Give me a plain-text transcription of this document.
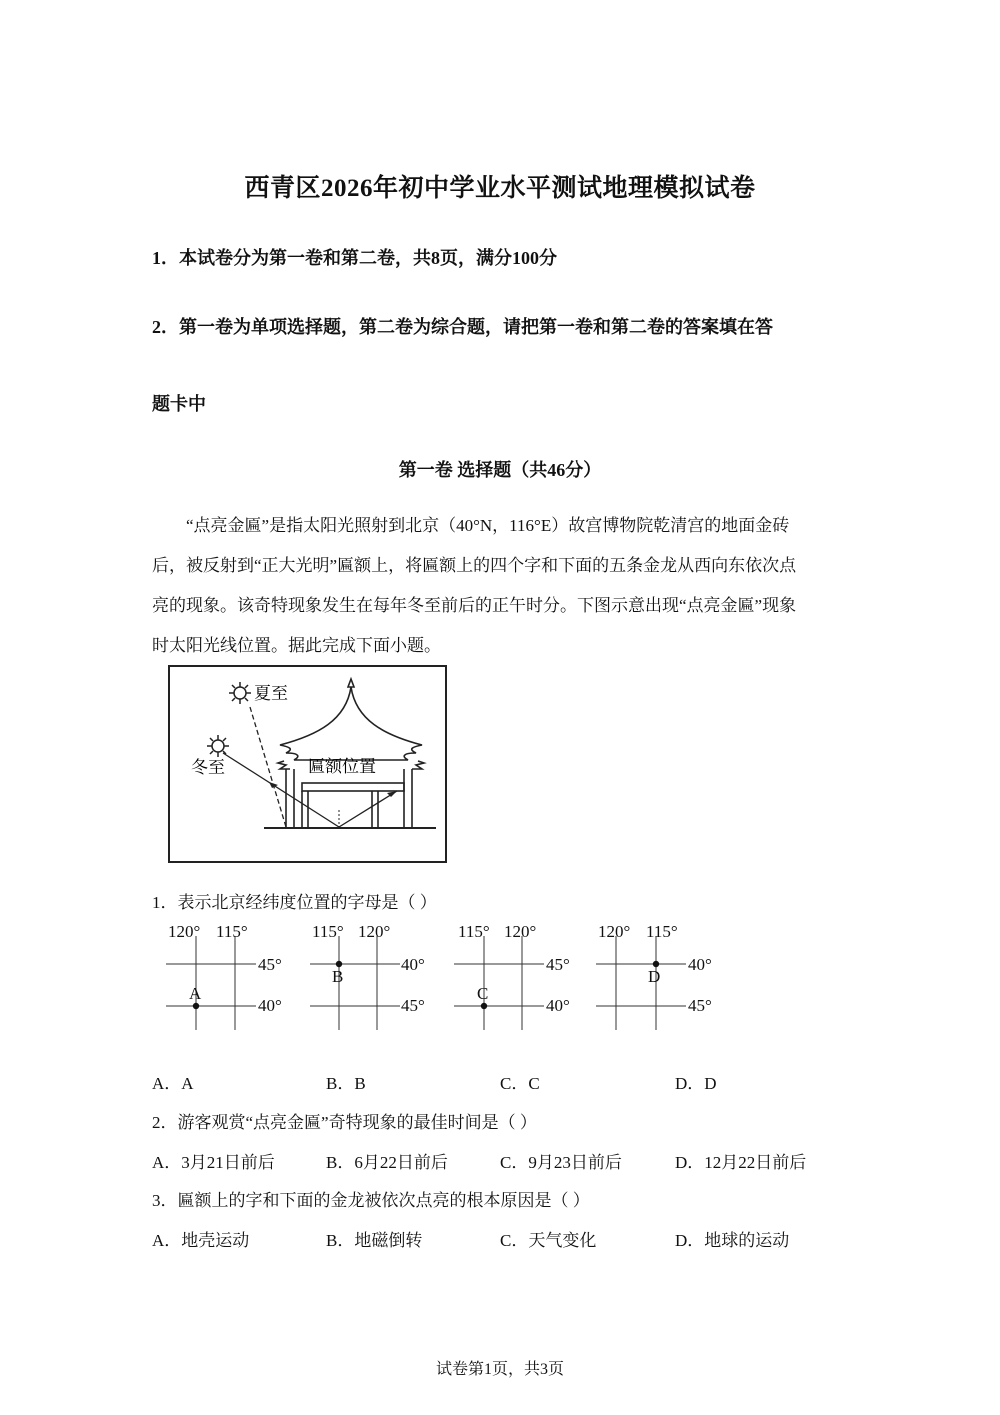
西青区2026年初中学业水平测试地理模拟试卷
1．本试卷分为第一卷和第二卷，共8页，满分100分
2．第一卷为单项选择题，第二卷为综合题，请把第一卷和第二卷的答案填在答
题卡中
第一卷 选择题（共46分）
“点亮金匾”是指太阳光照射到北京（40°N，116°E）故宫博物院乾清宫的地面金砖
后，被反射到“正大光明”匾额上，将匾额上的四个字和下面的五条金龙从西向东依次点
亮的现象。该奇特现象发生在每年冬至前后的正午时分。下图示意出现“点亮金匾”现象
时太阳光线位置。据此完成下面小题。
夏至
冬至	匾额位置
1．表示北京经纬度位置的字母是（ ）
120° 115°
45°
40°
A
115° 120°
40°
45°
B
115° 120°
45°
40°
C
120° 115°
40°
45°
D
A．A	B．B	C．C	D．D
2．游客观赏“点亮金匾”奇特现象的最佳时间是（ ）
A．3月21日前后	B．6月22日前后	C．9月23日前后	D．12月22日前后
3．匾额上的字和下面的金龙被依次点亮的根本原因是（ ）
A．地壳运动	B．地磁倒转	C．天气变化	D．地球的运动
试卷第1页，共3页
